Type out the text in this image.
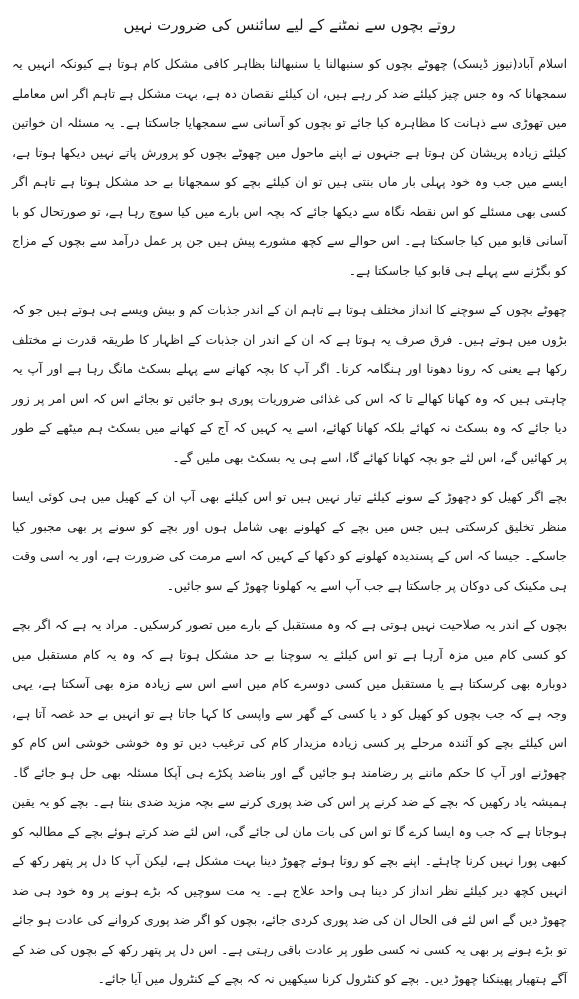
روتے بچوں سے نمٹنے کے لیے سائنس کی ضرورت نہیں

اسلام آباد(نیوز ڈیسک) چھوٹے بچوں کو سنبھالنا یا سنبھالنا بظاہر کافی مشکل کام ہوتا ہے کیونکہ انہیں یہ سمجھانا کہ وہ جس چیز کیلئے ضد کر رہے ہیں، ان کیلئے نقصان دہ ہے، بہت مشکل ہے تاہم اگر اس معاملے میں تھوڑی سے ذہانت کا مظاہرہ کیا جائے تو بچوں کو آسانی سے سمجھایا جاسکتا ہے۔ یہ مسئلہ ان خواتین کیلئے زیادہ پریشان کن ہوتا ہے جنہوں نے اپنے ماحول میں چھوٹے بچوں کو پرورش پاتے نہیں دیکھا ہوتا ہے، ایسے میں جب وہ خود پہلی بار ماں بنتی ہیں تو ان کیلئے بچے کو سمجھانا بے حد مشکل ہوتا ہے تاہم اگر کسی بھی مسئلے کو اس نقطہ نگاہ سے دیکھا جائے کہ بچہ اس بارے میں کیا سوچ رہا ہے، تو صورتحال کو با آسانی قابو میں کیا جاسکتا ہے۔ اس حوالے سے کچھ مشورے پیش ہیں جن پر عمل درآمد سے بچوں کے مزاج کو بگڑنے سے پہلے ہی قابو کیا جاسکتا ہے۔

چھوٹے بچوں کے سوچنے کا انداز مختلف ہوتا ہے تاہم ان کے اندر جذبات کم و بیش ویسے ہی ہوتے ہیں جو کہ بڑوں میں ہوتے ہیں۔ فرق صرف یہ ہوتا ہے کہ ان کے اندر ان جذبات کے اظہار کا طریقہ قدرت نے مختلف رکھا ہے یعنی کہ رونا دھونا اور ہنگامہ کرنا۔ اگر آپ کا بچہ کھانے سے پہلے بسکٹ مانگ رہا ہے اور آپ یہ چاہتی ہیں کہ وہ کھانا کھالے تا کہ اس کی غذائی ضروریات پوری ہو جائیں تو بجائے اس کہ اس امر پر زور دیا جائے کہ وہ بسکٹ نہ کھائے بلکہ کھانا کھائے، اسے یہ کہیں کہ آج کے کھانے میں بسکٹ ہم میٹھے کے طور پر کھائیں گے، اس لئے جو بچہ کھانا کھائے گا، اسے ہی یہ بسکٹ بھی ملیں گے۔

بچے اگر کھیل کو دچھوڑ کے سونے کیلئے تیار نہیں ہیں تو اس کیلئے بھی آپ ان کے کھیل میں ہی کوئی ایسا منظر تخلیق کرسکتی ہیں جس میں بچے کے کھلونے بھی شامل ہوں اور بچے کو سونے پر بھی مجبور کیا جاسکے۔ جیسا کہ اس کے پسندیدہ کھلونے کو دکھا کے کہیں کہ اسے مرمت کی ضرورت ہے، اور یہ اسی وقت ہی مکینک کی دوکان پر جاسکتا ہے جب آپ اسے یہ کھلونا چھوڑ کے سو جائیں۔

بچوں کے اندر یہ صلاحیت نہیں ہوتی ہے کہ وہ مستقبل کے بارے میں تصور کرسکیں۔ مراد یہ ہے کہ اگر بچے کو کسی کام میں مزہ آرہا ہے تو اس کیلئے یہ سوچنا بے حد مشکل ہوتا ہے کہ وہ یہ کام مستقبل میں دوبارہ بھی کرسکتا ہے یا مستقبل میں کسی دوسرے کام میں اسے اس سے زیادہ مزہ بھی آسکتا ہے، یہی وجہ ہے کہ جب بچوں کو کھیل کو د یا کسی کے گھر سے واپسی کا کہا جاتا ہے تو انہیں بے حد غصہ آتا ہے، اس کیلئے بچے کو آئندہ مرحلے پر کسی زیادہ مزیدار کام کی ترغیب دیں تو وہ خوشی خوشی اس کام کو چھوڑنے اور آپ کا حکم ماننے پر رضامند ہو جائیں گے اور بناضد پکڑے ہی آپکا مسئلہ بھی حل ہو جائے گا۔ ہمیشہ یاد رکھیں کہ بچے کے ضد کرنے پر اس کی ضد پوری کرنے سے بچہ مزید ضدی بنتا ہے۔ بچے کو یہ یقین ہوجاتا ہے کہ جب وہ ایسا کرے گا تو اس کی بات مان لی جائے گی، اس لئے ضد کرتے ہوئے بچے کے مطالبہ کو کبھی پورا نہیں کرنا چاہئے۔ اپنے بچے کو روتا ہوئے چھوڑ دینا بہت مشکل ہے، لیکن آپ کا دل پر پتھر رکھ کے انہیں کچھ دیر کیلئے نظر انداز کر دینا ہی واحد علاج ہے۔ یہ مت سوچیں کہ بڑے ہونے پر وہ خود ہی ضد چھوڑ دیں گے اس لئے فی الحال ان کی ضد پوری کردی جائے، بچوں کو اگر ضد پوری کروانے کی عادت ہو جائے تو بڑے ہونے پر بھی یہ کسی نہ کسی طور پر عادت باقی رہتی ہے۔ اس دل پر پتھر رکھ کے بچوں کی ضد کے آگے ہتھیار پھینکنا چھوڑ دیں۔ بچے کو کنٹرول کرنا سیکھیں نہ کہ بچے کے کنٹرول میں آیا جائے۔
